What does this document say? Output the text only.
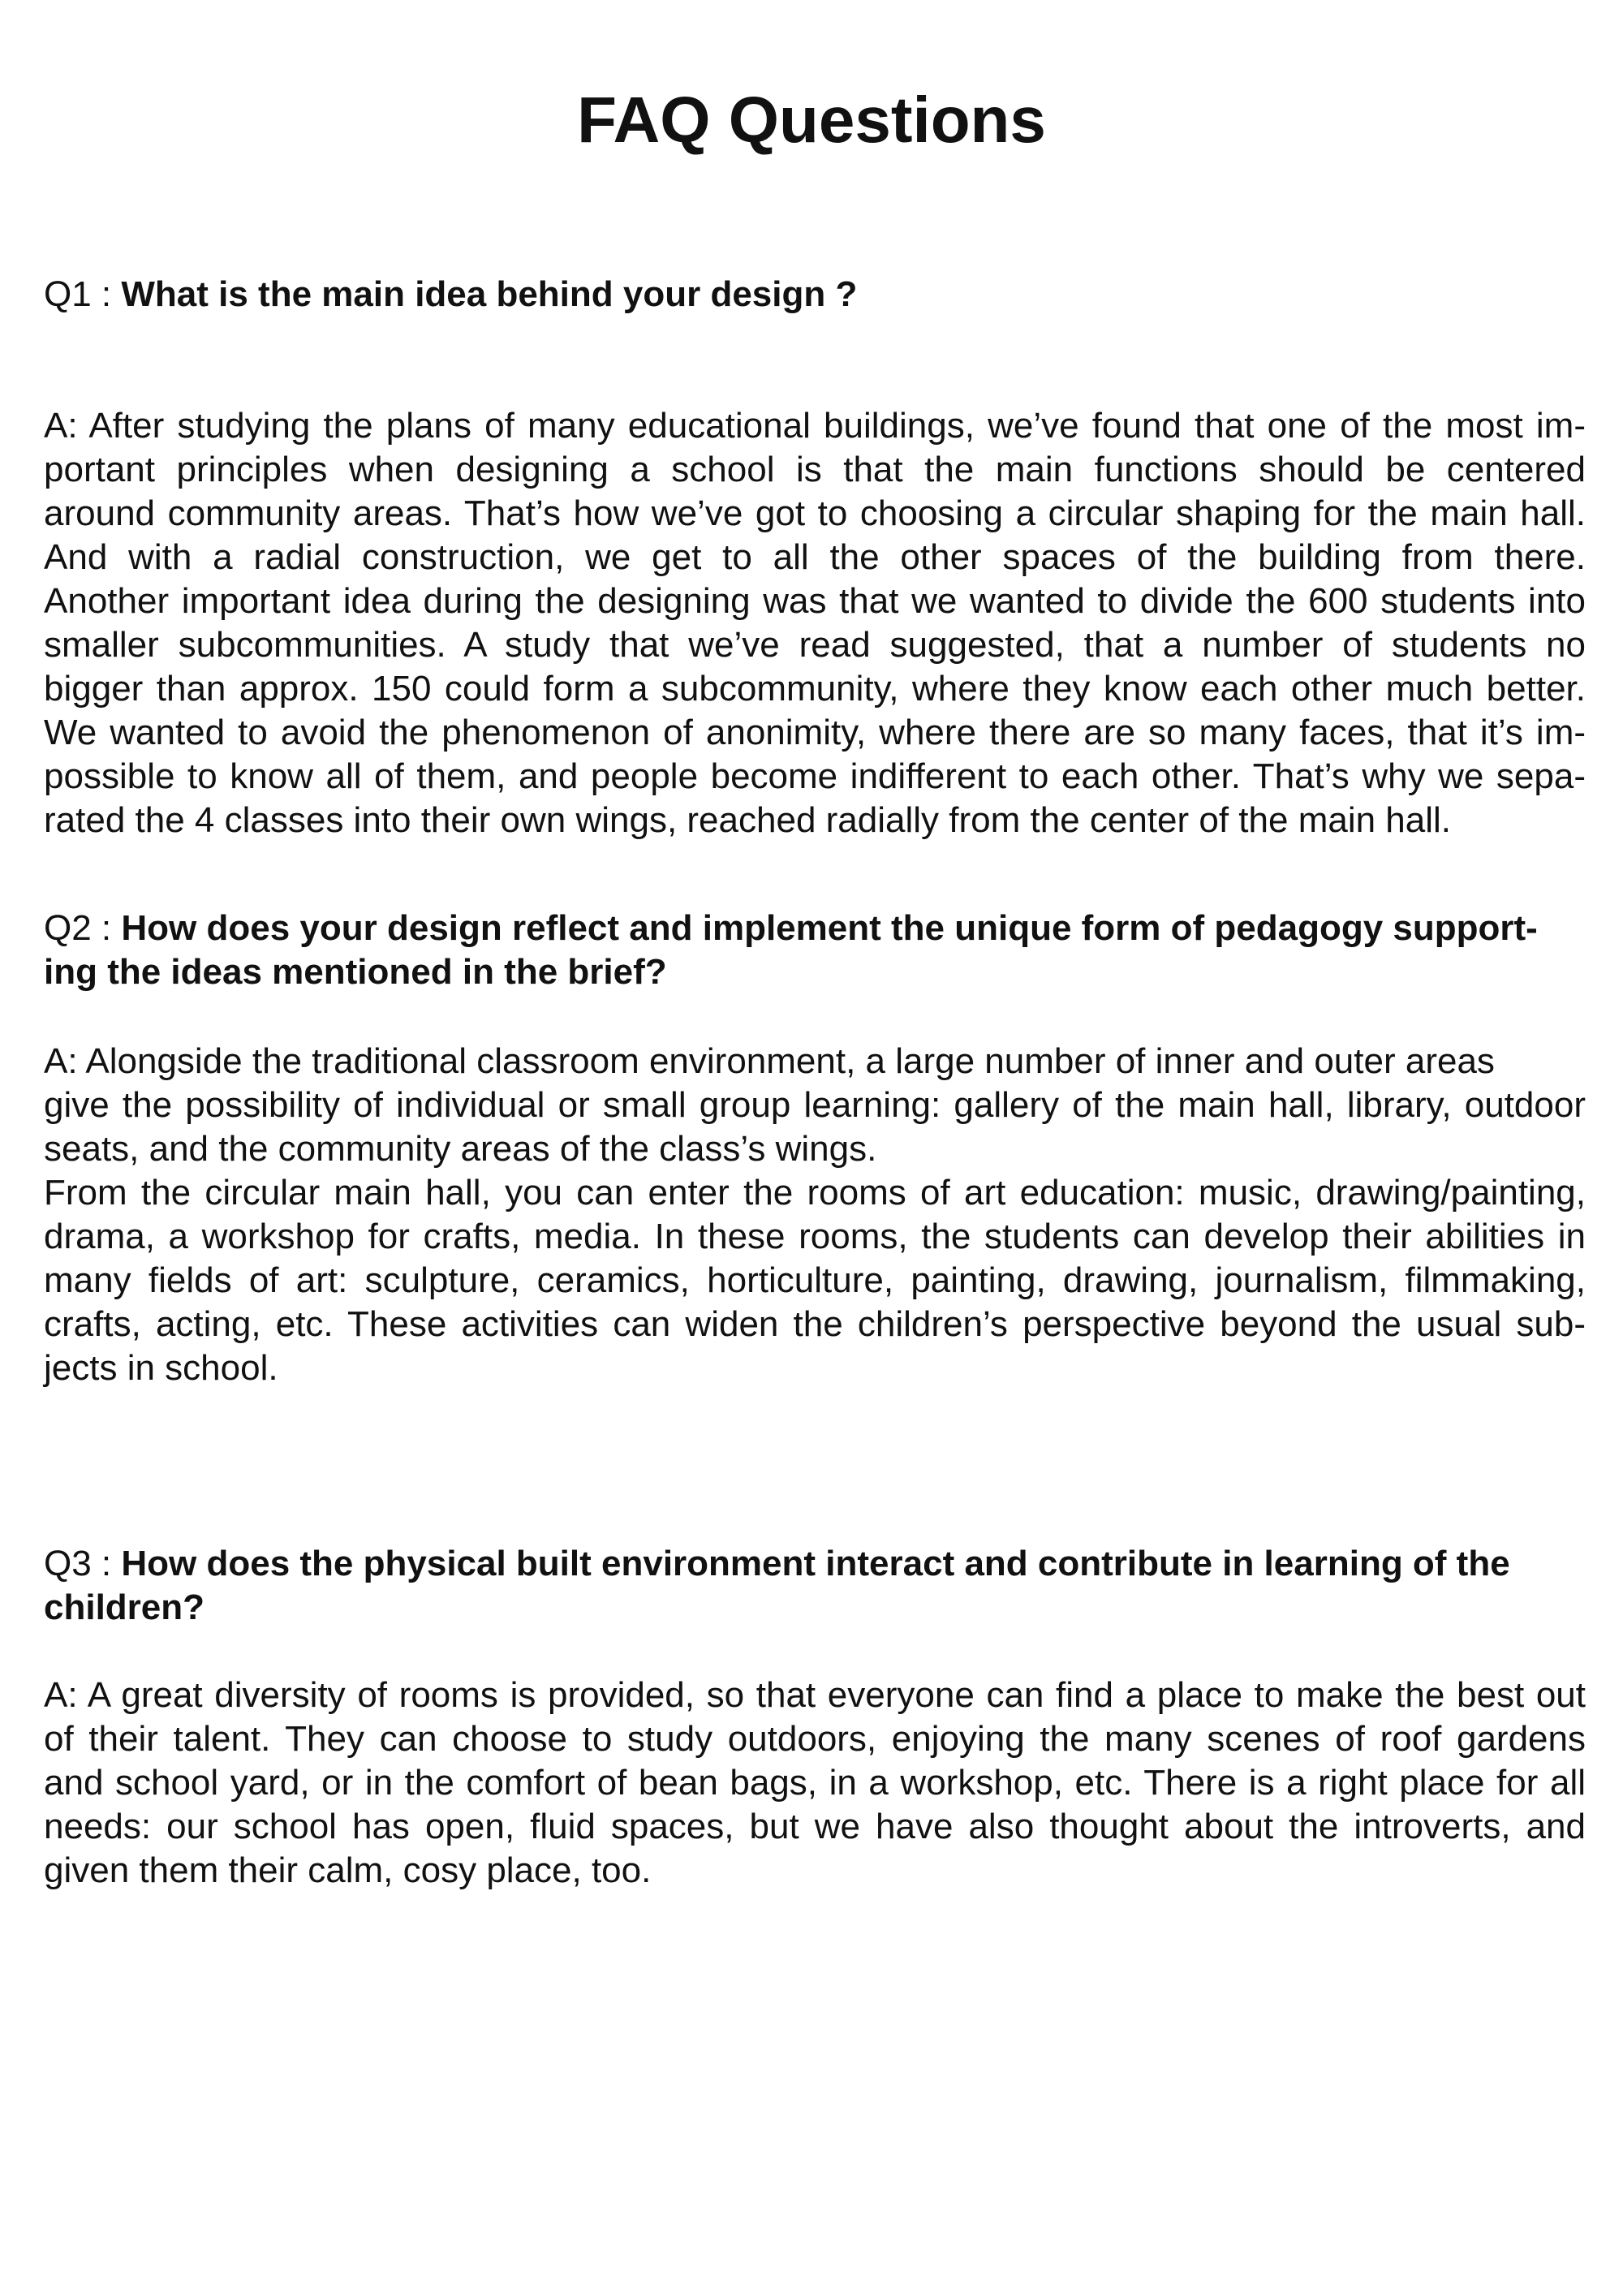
FAQ Questions

Q1 : What is the main idea behind your design ?

A: After studying the plans of many educational buildings, we’ve found that one of the most im-
portant principles when designing a school is that the main functions should be centered
around community areas. That’s how we’ve got to choosing a circular shaping for the main hall.
And with a radial construction, we get to all the other spaces of the building from there.
Another important idea during the designing was that we wanted to divide the 600 students into
smaller subcommunities. A study that we’ve read suggested, that a number of students no
bigger than approx. 150 could form a subcommunity, where they know each other much better.
We wanted to avoid the phenomenon of anonimity, where there are so many faces, that it’s im-
possible to know all of them, and people become indifferent to each other. That’s why we sepa-
rated the 4 classes into their own wings, reached radially from the center of the main hall.

Q2 : How does your design reflect and implement the unique form of pedagogy support-ing the ideas mentioned in the brief?

A: Alongside the traditional classroom environment, a large number of inner and outer areas
give the possibility of individual or small group learning: gallery of the main hall, library, outdoor
seats, and the community areas of the class’s wings.
From the circular main hall, you can enter the rooms of art education: music, drawing/painting,
drama, a workshop for crafts, media. In these rooms, the students can develop their abilities in
many fields of art: sculpture, ceramics, horticulture, painting, drawing, journalism, filmmaking,
crafts, acting, etc. These activities can widen the children’s perspective beyond the usual sub-
jects in school.

Q3 : How does the physical built environment interact and contribute in learning of the children?

A: A great diversity of rooms is provided, so that everyone can find a place to make the best out
of their talent. They can choose to study outdoors, enjoying the many scenes of roof gardens
and school yard, or in the comfort of bean bags, in a workshop, etc. There is a right place for all
needs: our school has open, fluid spaces, but we have also thought about the introverts, and
given them their calm, cosy place, too.
